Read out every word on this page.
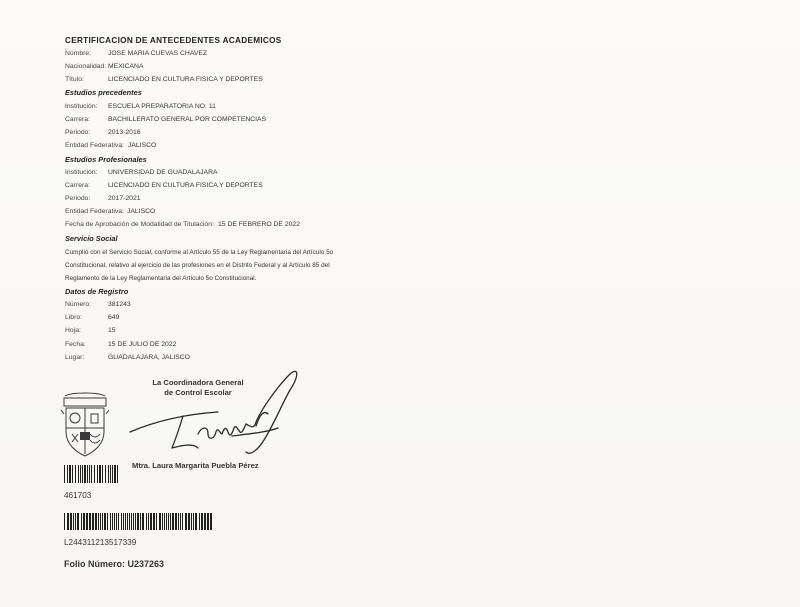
CERTIFICACION DE ANTECEDENTES ACADEMICOS
Nombre: JOSE MARIA CUEVAS CHAVEZ
Nacionalidad: MEXICANA
Título:	LICENCIADO EN CULTURA FISICA Y DEPORTES
Estudios precedentes
Institución: ESCUELA PREPARATORIA NO. 11
Carrera:	BACHILLERATO GENERAL POR COMPETENCIAS
Periodo:	2013-2016
Entidad Federativa: JALISCO
Estudios Profesionales
Institución: UNIVERSIDAD DE GUADALAJARA
Carrera:	LICENCIADO EN CULTURA FISICA Y DEPORTES
Periodo:	2017-2021
Entidad Federativa: JALISCO
Fecha de Aprobación de Modalidad de Titulación: 15 DE FEBRERO DE 2022
Servicio Social
Cumplió con el Servicio Social, conforme al Artículo 55 de la Ley Reglamentaria del Artículo 5o
Constitucional, relativo al ejercicio de las profesiones en el Distrito Federal y al Artículo 85 del
Reglamento de la Ley Reglamentaria del Artículo 5o Constitucional.
Datos de Registro
Número: 381243
Libro:	649
Hoja:	15
Fecha:	15 DE JULIO DE 2022
Lugar:	GUADALAJARA, JALISCO
La Coordinadora General
de Control Escolar
Mtra. Laura Margarita Puebla Pérez
461703
L244311213517339
Folio Número: U237263
